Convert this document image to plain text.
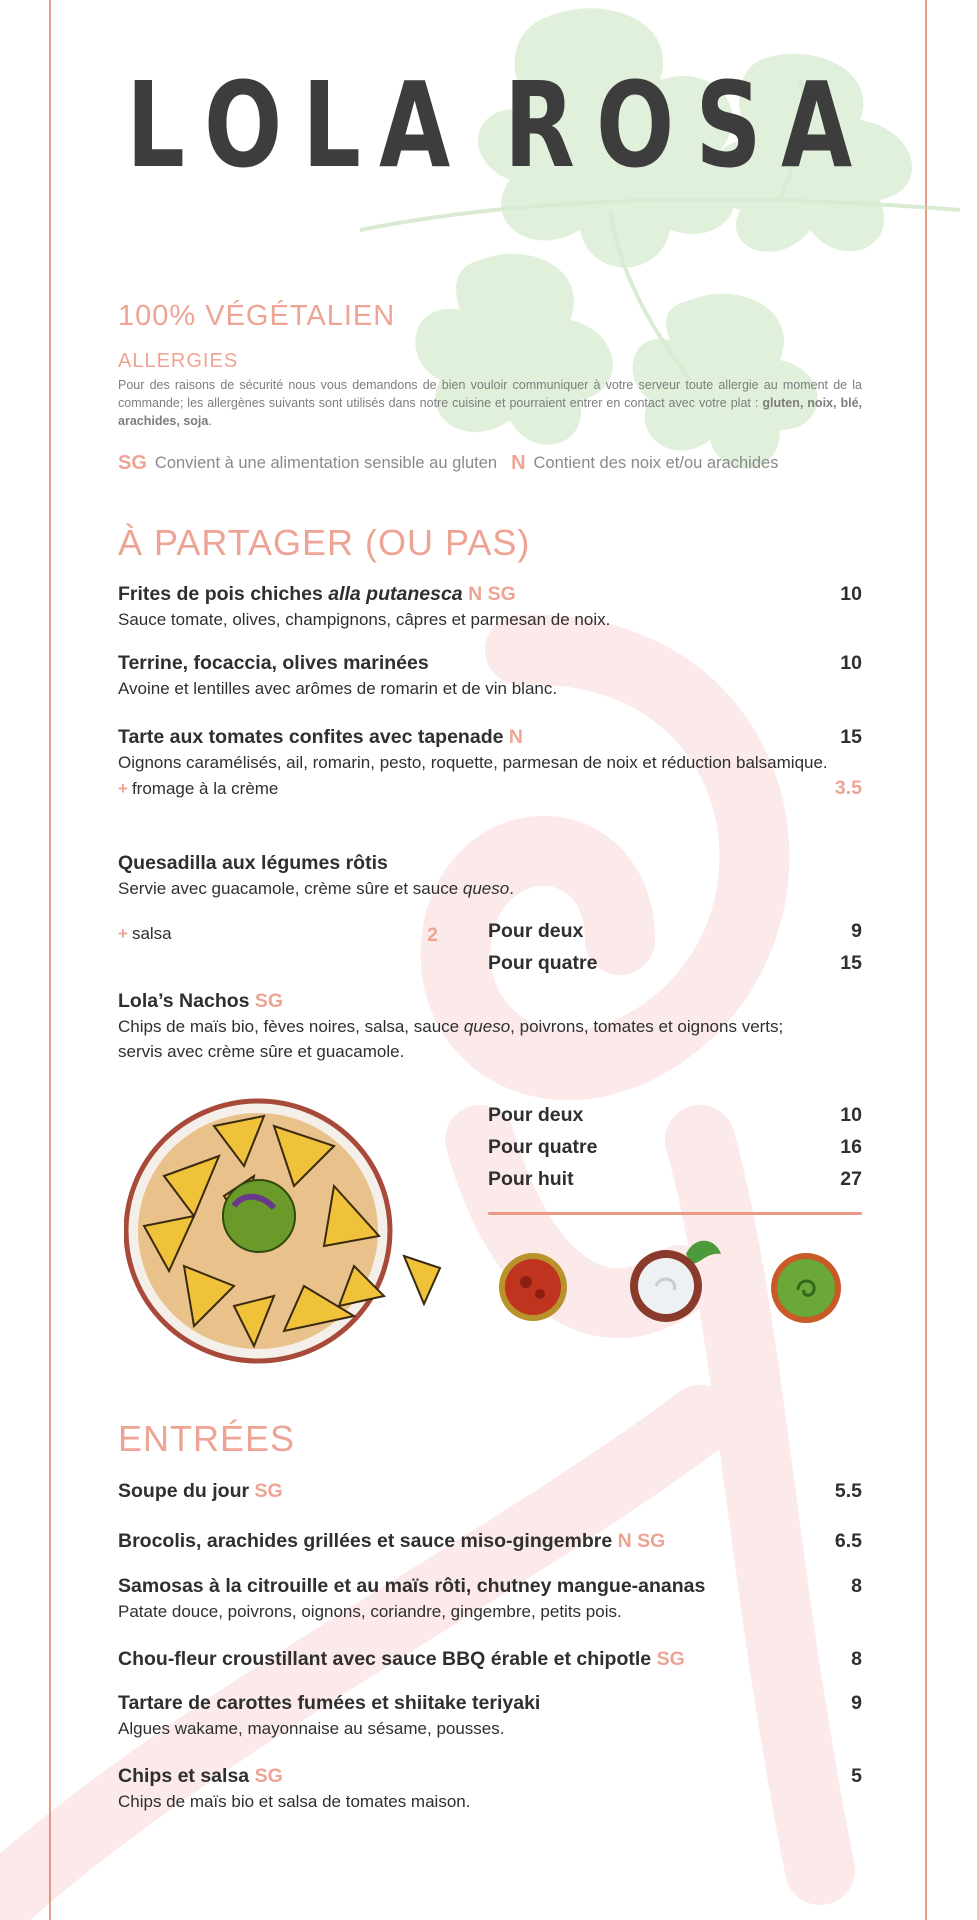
L O L A R O S A
100% VÉGÉTALIEN
ALLERGIES
Pour des raisons de sécurité nous vous demandons de bien vouloir communiquer à votre serveur toute allergie au moment de la commande; les allergènes suivants sont utilisés dans notre cuisine et pourraient entrer en contact avec votre plat : gluten, noix, blé, arachides, soja.
SG Convient à une alimentation sensible au gluten N Contient des noix et/ou arachides
À PARTAGER (OU PAS)
Frites de pois chiches alla putanesca N SG	10
Sauce tomate, olives, champignons, câpres et parmesan de noix.
Terrine, focaccia, olives marinées	10
Avoine et lentilles avec arômes de romarin et de vin blanc.
Tarte aux tomates confites avec tapenade N	15
Oignons caramélisés, ail, romarin, pesto, roquette, parmesan de noix et réduction balsamique.
+ fromage à la crème	3.5
Quesadilla aux légumes rôtis
Servie avec guacamole, crème sûre et sauce queso.
+ salsa	2	Pour deux	9
Pour quatre	15
Lola’s Nachos SG
Chips de maïs bio, fèves noires, salsa, sauce queso, poivrons, tomates et oignons verts; servis avec crème sûre et guacamole.
Pour deux	10
Pour quatre	16
Pour huit	27
ENTRÉES
Soupe du jour SG	5.5
Brocolis, arachides grillées et sauce miso-gingembre N SG	6.5
Samosas à la citrouille et au maïs rôti, chutney mangue-ananas	8
Patate douce, poivrons, oignons, coriandre, gingembre, petits pois.
Chou-fleur croustillant avec sauce BBQ érable et chipotle SG	8
Tartare de carottes fumées et shiitake teriyaki	9
Algues wakame, mayonnaise au sésame, pousses.
Chips et salsa SG	5
Chips de maïs bio et salsa de tomates maison.
